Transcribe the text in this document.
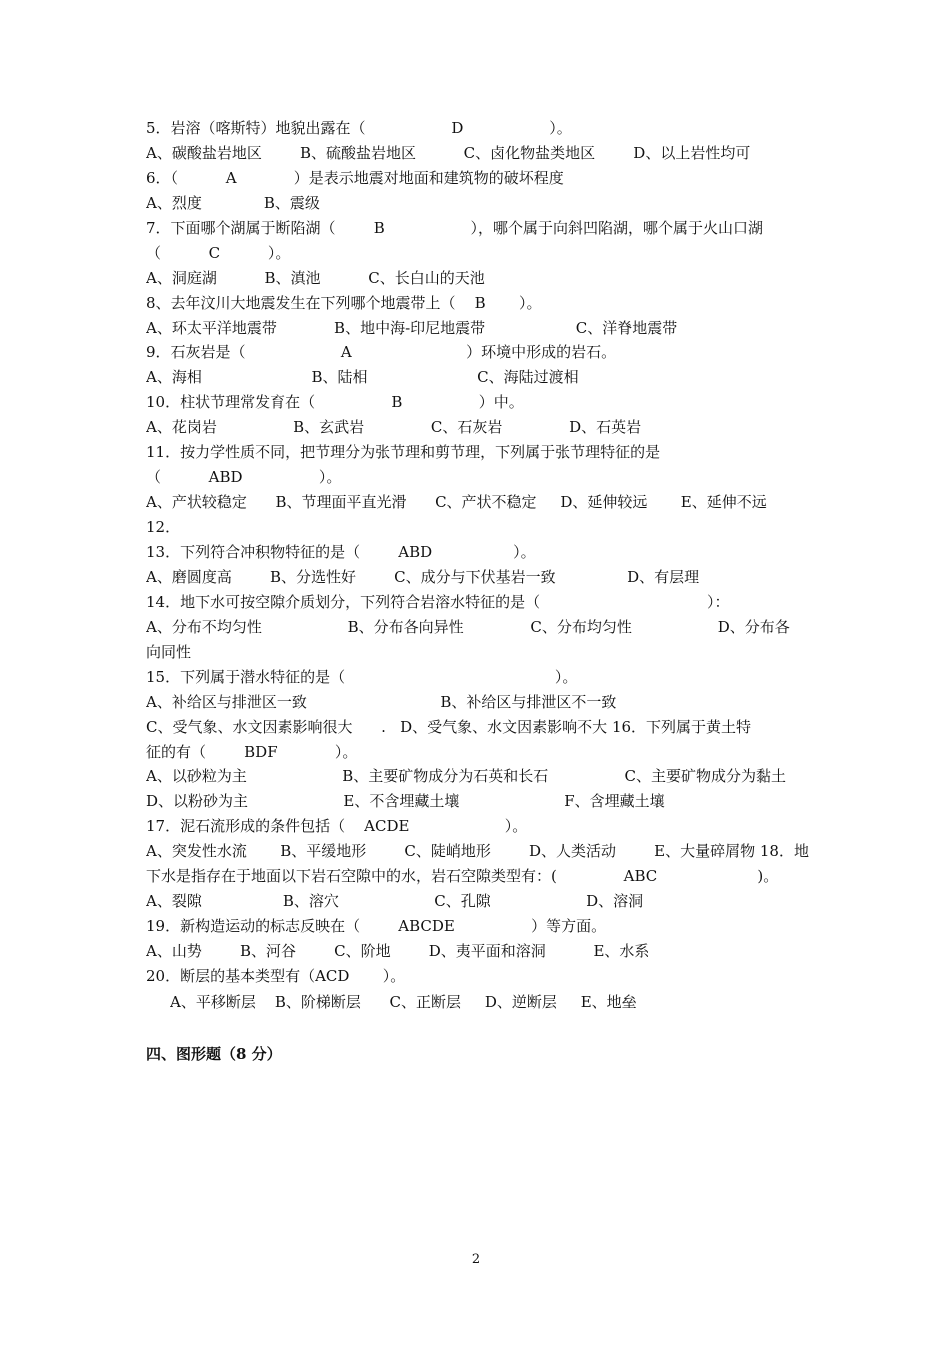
5．岩溶（喀斯特）地貌出露在（                  D                  ）。
A、碳酸盐岩地区        B、硫酸盐岩地区          C、卤化物盐类地区        D、以上岩性均可
6．（          A            ）是表示地震对地面和建筑物的破坏程度
A、烈度             B、震级
7．下面哪个湖属于断陷湖（        B                  ），哪个属于向斜凹陷湖，哪个属于火山口湖
（          C          ）。
A、洞庭湖          B、滇池          C、长白山的天池
8、去年汶川大地震发生在下列哪个地震带上（    B       ）。
A、环太平洋地震带            B、地中海-印尼地震带                   C、洋脊地震带
9．石灰岩是（                    A                        ）环境中形成的岩石。
A、海相                       B、陆相                       C、海陆过渡相
10．柱状节理常发育在（                B                ）中。
A、花岗岩                B、玄武岩              C、石灰岩              D、石英岩
11．按力学性质不同，把节理分为张节理和剪节理，下列属于张节理特征的是
（          ABD                ）。
A、产状较稳定      B、节理面平直光滑      C、产状不稳定     D、延伸较远       E、延伸不远
12．
13．下列符合冲积物特征的是（        ABD                 ）。
A、磨圆度高        B、分选性好        C、成分与下伏基岩一致               D、有层理
14．地下水可按空隙介质划分，下列符合岩溶水特征的是（                                   ）：
A、分布不均匀性                  B、分布各向异性              C、分布均匀性                  D、分布各
向同性
15．下列属于潜水特征的是（                                            ）。
A、补给区与排泄区一致                            B、补给区与排泄区不一致
C、受气象、水文因素影响很大      .   D、受气象、水文因素影响不大 16．下列属于黄土特
征的有（        BDF            ）。
A、以砂粒为主                    B、主要矿物成分为石英和长石                C、主要矿物成分为黏土
D、以粉砂为主                    E、不含埋藏土壤                      F、含埋藏土壤
17．泥石流形成的条件包括（    ACDE                    ）。
A、突发性水流       B、平缓地形        C、陡峭地形        D、人类活动        E、大量碎屑物 18．地
下水是指存在于地面以下岩石空隙中的水，岩石空隙类型有：(              ABC                     )。
A、裂隙                 B、溶穴                    C、孔隙                    D、溶洞
19．新构造运动的标志反映在（        ABCDE                ）等方面。
A、山势        B、河谷        C、阶地        D、夷平面和溶洞          E、水系
20．断层的基本类型有（ACD       ）。
A、平移断层    B、阶梯断层      C、正断层     D、逆断层     E、地垒
四、图形题（8 分）
2
